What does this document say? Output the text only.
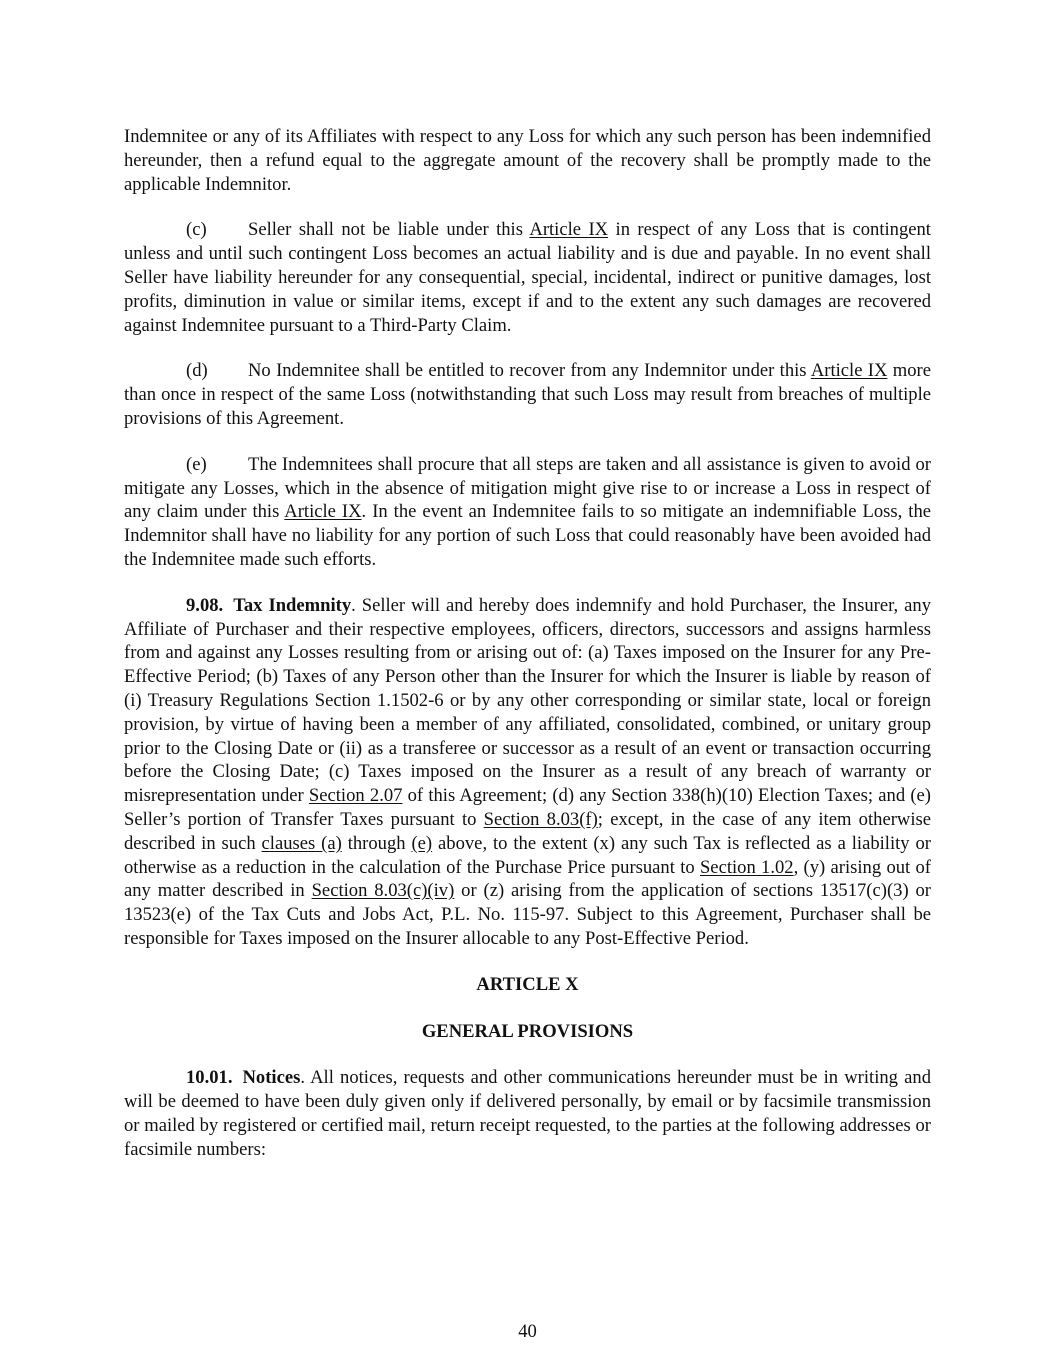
Indemnitee or any of its Affiliates with respect to any Loss for which any such person has been indemnified hereunder, then a refund equal to the aggregate amount of the recovery shall be promptly made to the applicable Indemnitor.

(c) Seller shall not be liable under this Article IX in respect of any Loss that is contingent unless and until such contingent Loss becomes an actual liability and is due and payable. In no event shall Seller have liability hereunder for any consequential, special, incidental, indirect or punitive damages, lost profits, diminution in value or similar items, except if and to the extent any such damages are recovered against Indemnitee pursuant to a Third-Party Claim.

(d) No Indemnitee shall be entitled to recover from any Indemnitor under this Article IX more than once in respect of the same Loss (notwithstanding that such Loss may result from breaches of multiple provisions of this Agreement.

(e) The Indemnitees shall procure that all steps are taken and all assistance is given to avoid or mitigate any Losses, which in the absence of mitigation might give rise to or increase a Loss in respect of any claim under this Article IX. In the event an Indemnitee fails to so mitigate an indemnifiable Loss, the Indemnitor shall have no liability for any portion of such Loss that could reasonably have been avoided had the Indemnitee made such efforts.

9.08. Tax Indemnity. Seller will and hereby does indemnify and hold Purchaser, the Insurer, any Affiliate of Purchaser and their respective employees, officers, directors, successors and assigns harmless from and against any Losses resulting from or arising out of: (a) Taxes imposed on the Insurer for any Pre-Effective Period; (b) Taxes of any Person other than the Insurer for which the Insurer is liable by reason of (i) Treasury Regulations Section 1.1502-6 or by any other corresponding or similar state, local or foreign provision, by virtue of having been a member of any affiliated, consolidated, combined, or unitary group prior to the Closing Date or (ii) as a transferee or successor as a result of an event or transaction occurring before the Closing Date; (c) Taxes imposed on the Insurer as a result of any breach of warranty or misrepresentation under Section 2.07 of this Agreement; (d) any Section 338(h)(10) Election Taxes; and (e) Seller’s portion of Transfer Taxes pursuant to Section 8.03(f); except, in the case of any item otherwise described in such clauses (a) through (e) above, to the extent (x) any such Tax is reflected as a liability or otherwise as a reduction in the calculation of the Purchase Price pursuant to Section 1.02, (y) arising out of any matter described in Section 8.03(c)(iv) or (z) arising from the application of sections 13517(c)(3) or 13523(e) of the Tax Cuts and Jobs Act, P.L. No. 115-97. Subject to this Agreement, Purchaser shall be responsible for Taxes imposed on the Insurer allocable to any Post-Effective Period.

ARTICLE X
GENERAL PROVISIONS

10.01. Notices. All notices, requests and other communications hereunder must be in writing and will be deemed to have been duly given only if delivered personally, by email or by facsimile transmission or mailed by registered or certified mail, return receipt requested, to the parties at the following addresses or facsimile numbers:

40
